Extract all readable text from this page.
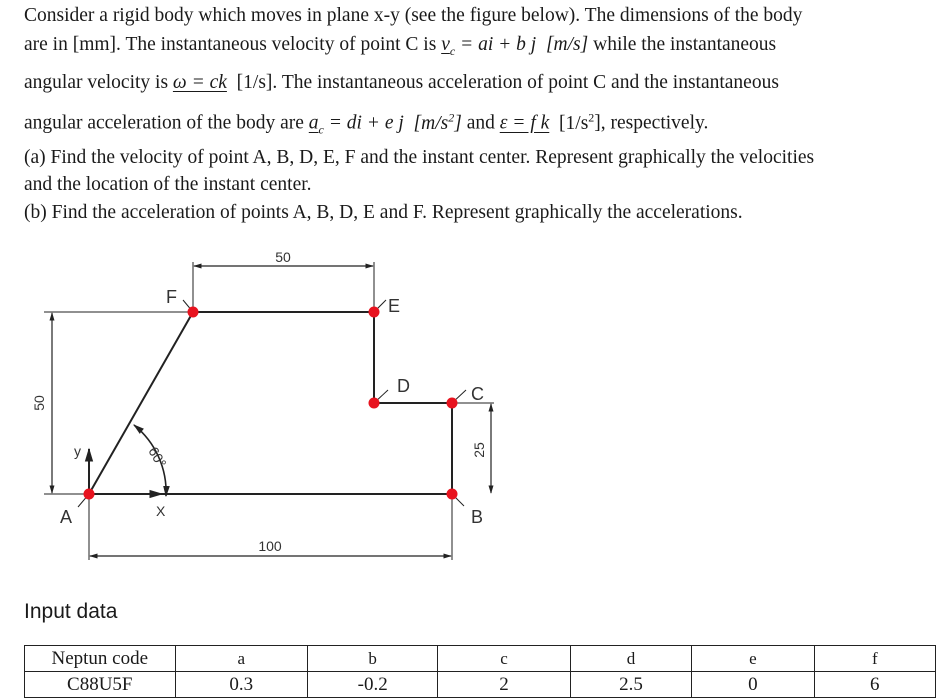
Consider a rigid body which moves in plane x-y (see the figure below). The dimensions of the body
are in [mm]. The instantaneous velocity of point C is $v_c$ = ai + b j [m/s] while the instantaneous
angular velocity is ω = ck [1/s]. The instantaneous acceleration of point C and the instantaneous
angular acceleration of the body are $a_c$ = di + e j $[m/s^2]$ and ε = f k $[1/s^2]$, respectively.
(a) Find the velocity of point A, B, D, E, F and the instant center. Represent graphically the velocities
and the location of the instant center.
(b) Find the acceleration of points A, B, D, E and F. Represent graphically the accelerations.
X
y	60°
50
50
100
25
A
F	E
D	C
B
Input data
Neptun code	a	b	c	d	e	f
C88U5F	0.3	-0.2	2	2.5	0	6
